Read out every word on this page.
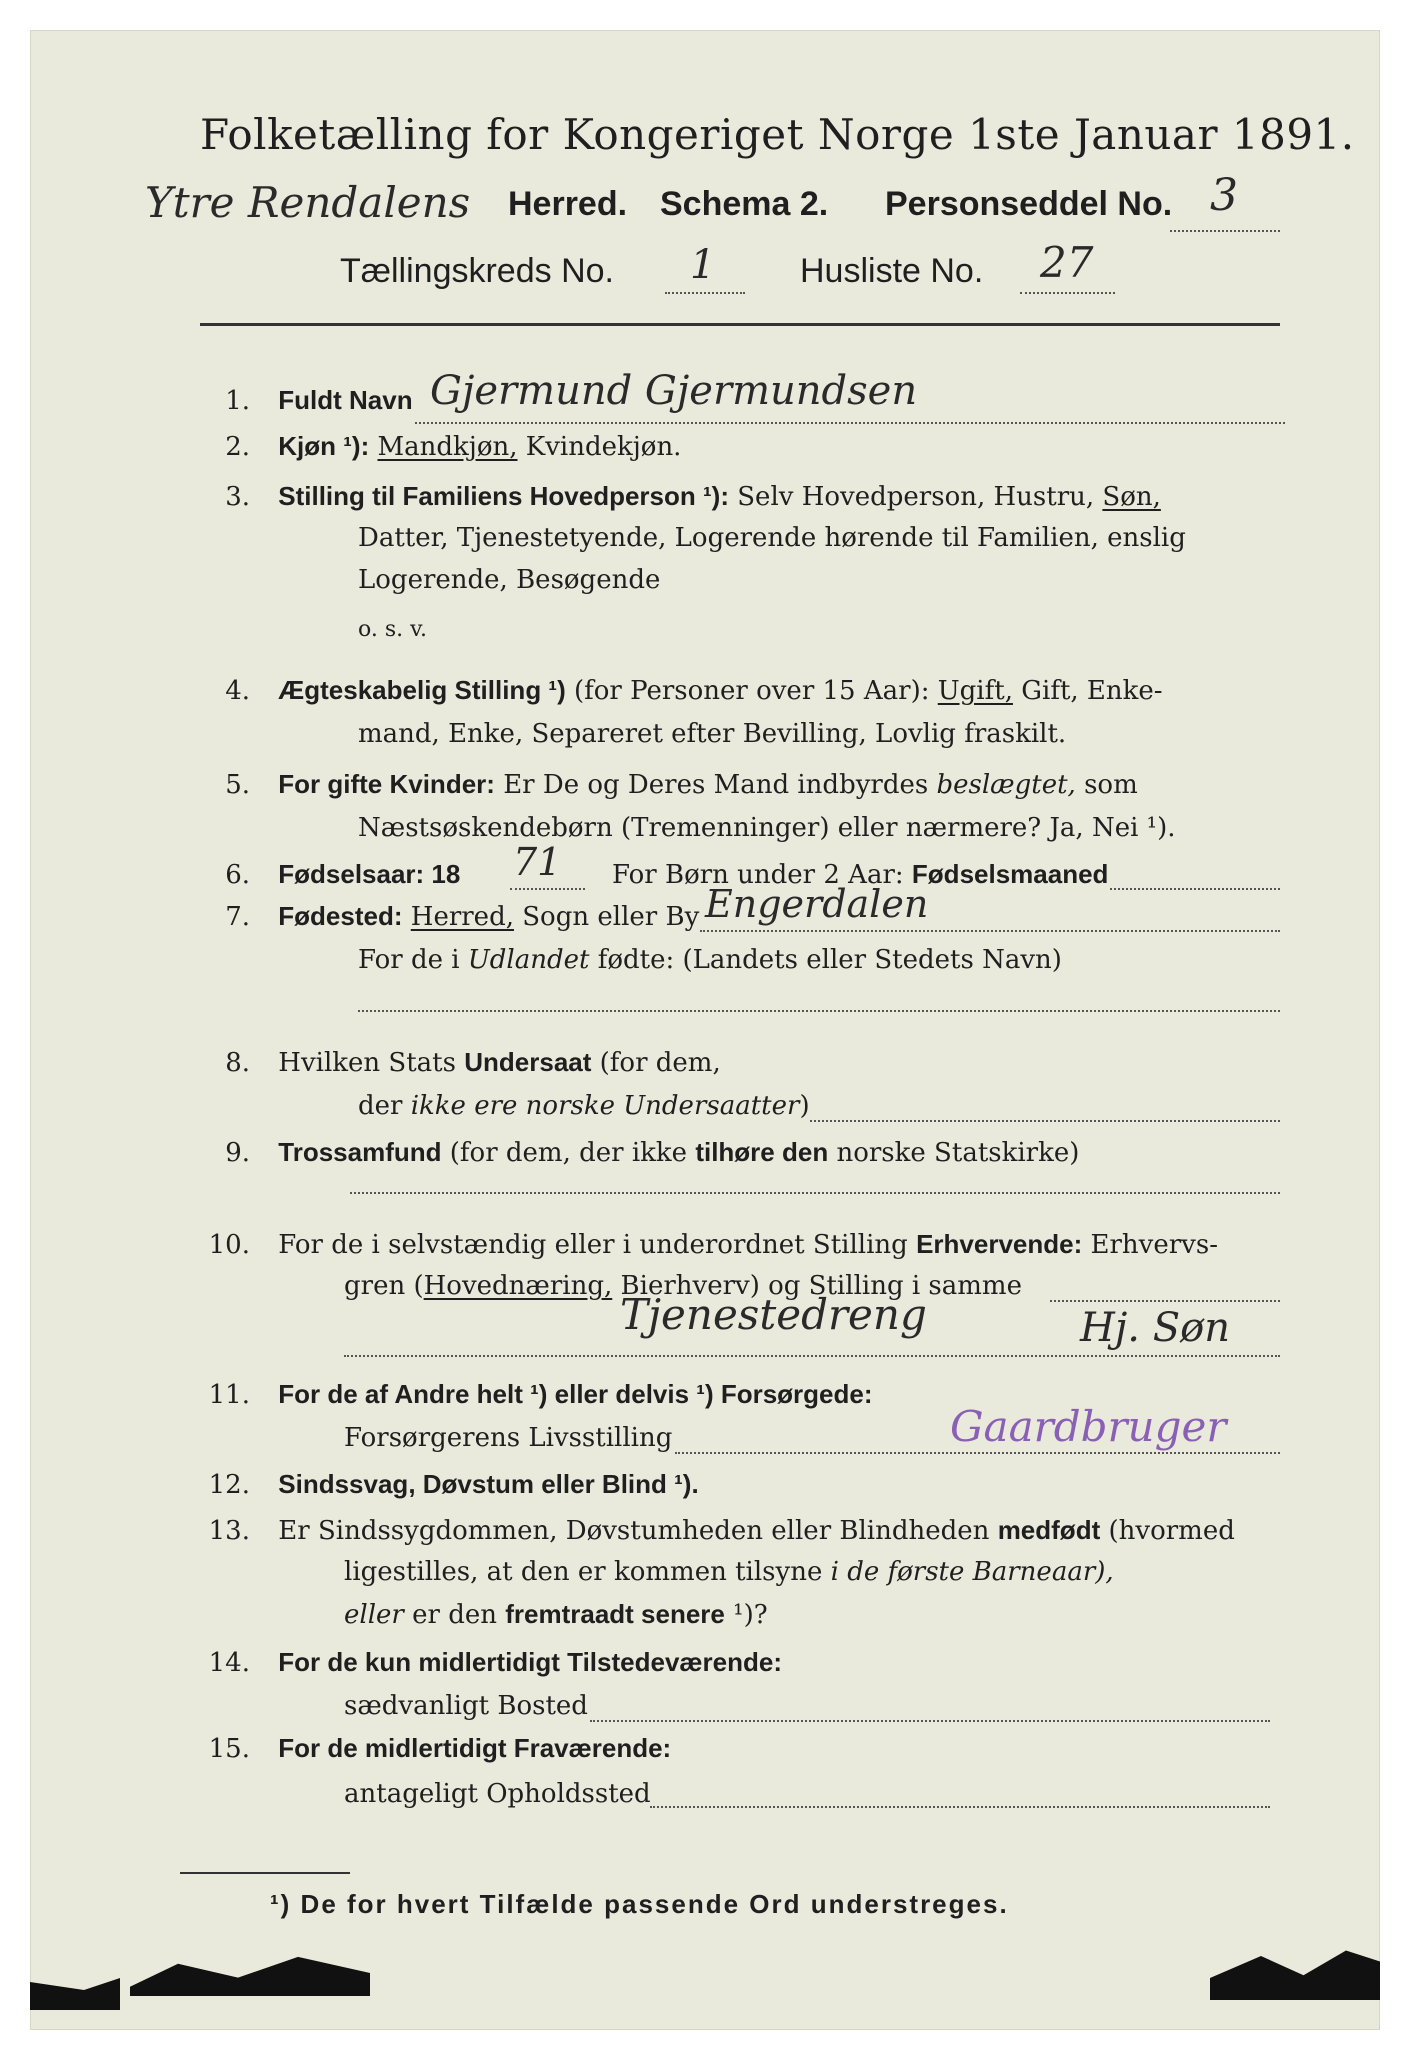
Folketælling for Kongeriget Norge 1ste Januar 1891.
Ytre Rendalens Herred. Schema 2. Personseddel No. 3
Tællingskreds No. 1 Husliste No. 27
1. Fuldt Navn Gjermund Gjermundsen
2. Kjøn ¹): Mandkjøn, Kvindekjøn.
3. Stilling til Familiens Hovedperson ¹): Selv Hovedperson, Hustru, Søn,
Datter, Tjenestetyende, Logerende hørende til Familien, enslig
Logerende, Besøgende
o. s. v.
4. Ægteskabelig Stilling ¹) (for Personer over 15 Aar): Ugift, Gift, Enke-
mand, Enke, Separeret efter Bevilling, Lovlig fraskilt.
5. For gifte Kvinder: Er De og Deres Mand indbyrdes beslægtet, som
Næstsøskendebørn (Tremenninger) eller nærmere? Ja, Nei ¹).
6. Fødselsaar: 18 71 For Børn under 2 Aar: Fødselsmaaned
7. Fødested: Herred, Sogn eller By Engerdalen
For de i Udlandet fødte: (Landets eller Stedets Navn)
8. Hvilken Stats Undersaat (for dem,
der ikke ere norske Undersaatter)
9. Trossamfund (for dem, der ikke tilhøre den norske Statskirke)
10. For de i selvstændig eller i underordnet Stilling Erhvervende: Erhvervs-
gren (Hovednæring, Bierhverv) og Stilling i samme
Tjenestedreng	Hj. Søn
11. For de af Andre helt ¹) eller delvis ¹) Forsørgede:
Forsørgerens Livsstilling	Gaardbruger
12. Sindssvag, Døvstum eller Blind ¹).
13. Er Sindssygdommen, Døvstumheden eller Blindheden medfødt (hvormed
ligestilles, at den er kommen tilsyne i de første Barneaar),
eller er den fremtraadt senere ¹)?
14. For de kun midlertidigt Tilstedeværende:
sædvanligt Bosted
15. For de midlertidigt Fraværende:
antageligt Opholdssted
¹) De for hvert Tilfælde passende Ord understreges.
